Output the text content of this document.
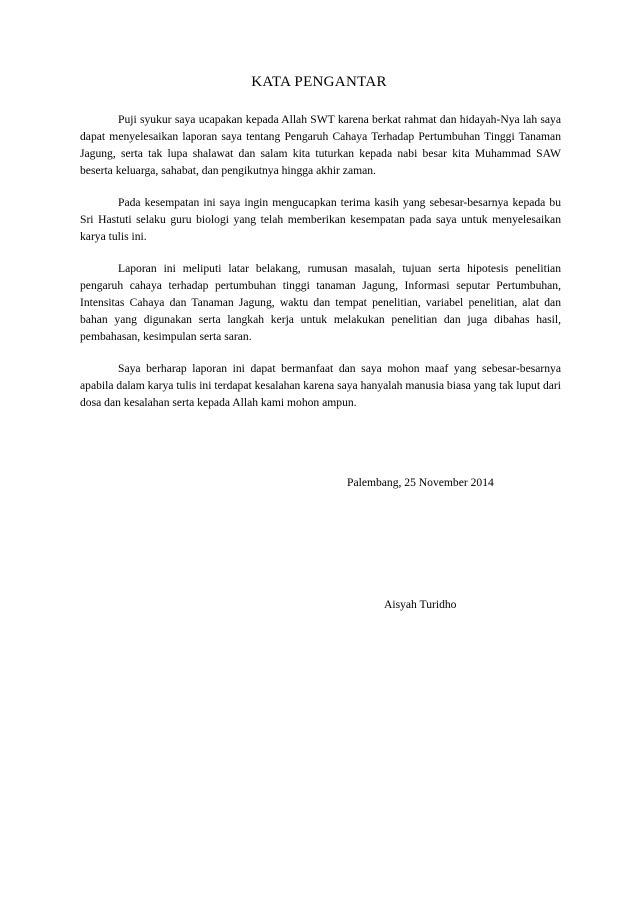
KATA PENGANTAR

Puji syukur saya ucapakan kepada Allah SWT karena berkat rahmat dan hidayah-Nya lah saya dapat menyelesaikan laporan saya tentang Pengaruh Cahaya Terhadap Pertumbuhan Tinggi Tanaman Jagung, serta tak lupa shalawat dan salam kita tuturkan kepada nabi besar kita Muhammad SAW beserta keluarga, sahabat, dan pengikutnya hingga akhir zaman.

Pada kesempatan ini saya ingin mengucapkan terima kasih yang sebesar-besarnya kepada bu Sri Hastuti selaku guru biologi yang telah memberikan kesempatan pada saya untuk menyelesaikan karya tulis ini.

Laporan ini meliputi latar belakang, rumusan masalah, tujuan serta hipotesis penelitian pengaruh cahaya terhadap pertumbuhan tinggi tanaman Jagung, Informasi seputar Pertumbuhan, Intensitas Cahaya dan Tanaman Jagung, waktu dan tempat penelitian, variabel penelitian, alat dan bahan yang digunakan serta langkah kerja untuk melakukan penelitian dan juga dibahas hasil, pembahasan, kesimpulan serta saran.

Saya berharap laporan ini dapat bermanfaat dan saya mohon maaf yang sebesar-besarnya apabila dalam karya tulis ini terdapat kesalahan karena saya hanyalah manusia biasa yang tak luput dari dosa dan kesalahan serta kepada Allah kami mohon ampun.

Palembang, 25 November 2014
Aisyah Turidho
